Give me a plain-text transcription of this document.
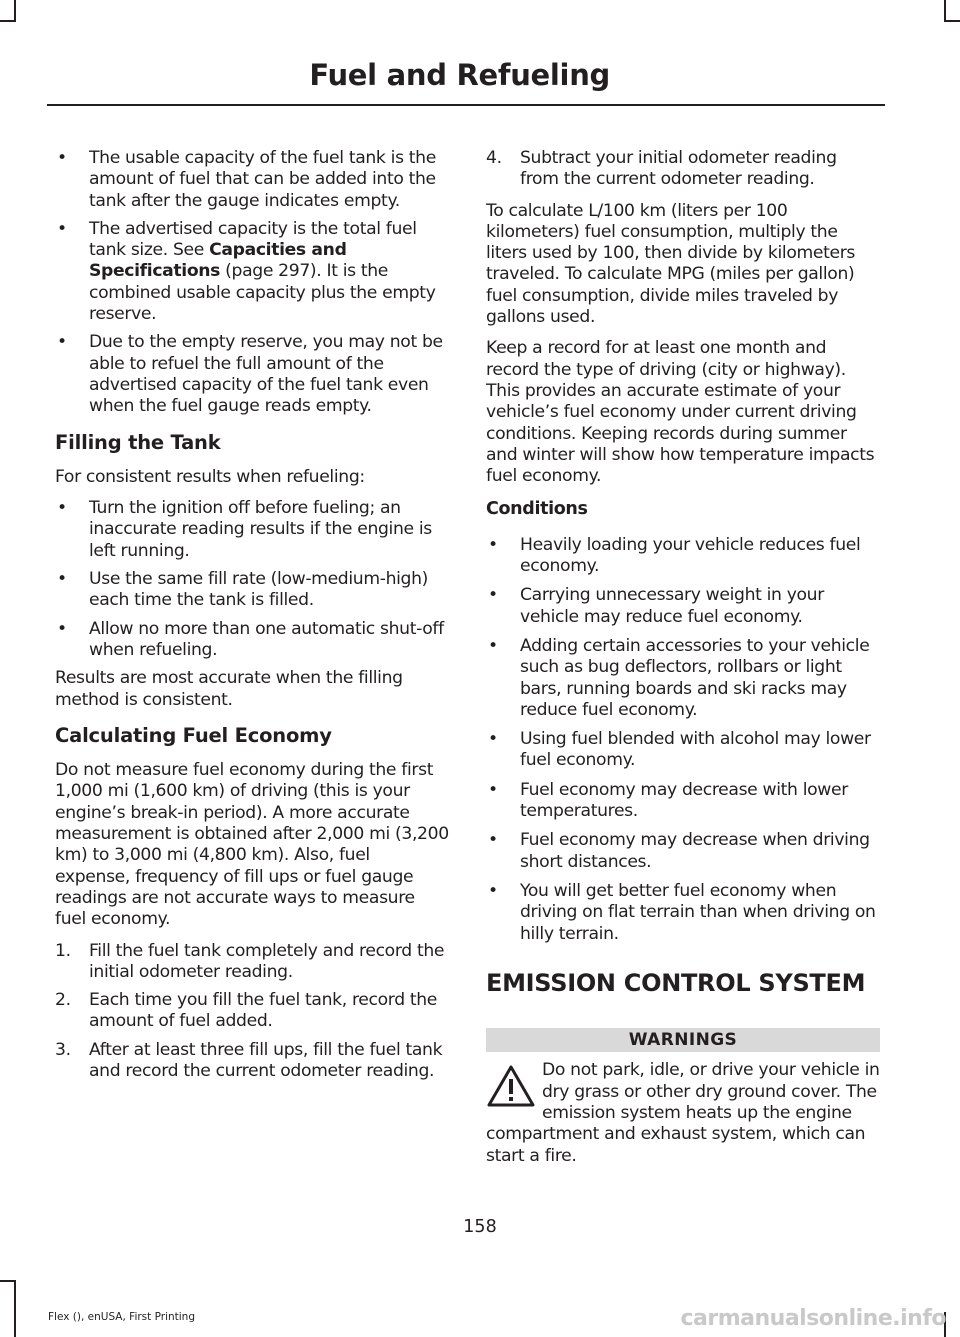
Fuel and Refueling
• The usable capacity of the fuel tank is the amount of fuel that can be added into the tank after the gauge indicates empty.
• The advertised capacity is the total fuel tank size. See Capacities and Specifications (page 297). It is the combined usable capacity plus the empty reserve.
• Due to the empty reserve, you may not be able to refuel the full amount of the advertised capacity of the fuel tank even when the fuel gauge reads empty.
Filling the Tank

For consistent results when refueling:

• Turn the ignition off before fueling; an inaccurate reading results if the engine is left running.
• Use the same fill rate (low-medium-high) each time the tank is filled.
• Allow no more than one automatic shut-off when refueling.

Results are most accurate when the filling method is consistent.

Calculating Fuel Economy

Do not measure fuel economy during the first 1,000 mi (1,600 km) of driving (this is your engine’s break-in period). A more accurate measurement is obtained after 2,000 mi (3,200 km) to 3,000 mi (4,800 km). Also, fuel expense, frequency of fill ups or fuel gauge readings are not accurate ways to measure fuel economy.

1. Fill the fuel tank completely and record the initial odometer reading.
2. Each time you fill the fuel tank, record the amount of fuel added.
3. After at least three fill ups, fill the fuel tank and record the current odometer reading.
4. Subtract your initial odometer reading from the current odometer reading.

To calculate L/100 km (liters per 100 kilometers) fuel consumption, multiply the liters used by 100, then divide by kilometers traveled. To calculate MPG (miles per gallon) fuel consumption, divide miles traveled by gallons used.

Keep a record for at least one month and record the type of driving (city or highway). This provides an accurate estimate of your vehicle’s fuel economy under current driving conditions. Keeping records during summer and winter will show how temperature impacts fuel economy.

Conditions
• Heavily loading your vehicle reduces fuel economy.
• Carrying unnecessary weight in your vehicle may reduce fuel economy.
• Adding certain accessories to your vehicle such as bug deflectors, rollbars or light bars, running boards and ski racks may reduce fuel economy.
• Using fuel blended with alcohol may lower fuel economy.
• Fuel economy may decrease with lower temperatures.
• Fuel economy may decrease when driving short distances.
• You will get better fuel economy when driving on flat terrain than when driving on hilly terrain.
EMISSION CONTROL SYSTEM
WARNINGS
Do not park, idle, or drive your vehicle in dry grass or other dry ground cover. The emission system heats up the engine compartment and exhaust system, which can start a fire.
158
Flex (), enUSA, First Printing	carmanualsonline.info
